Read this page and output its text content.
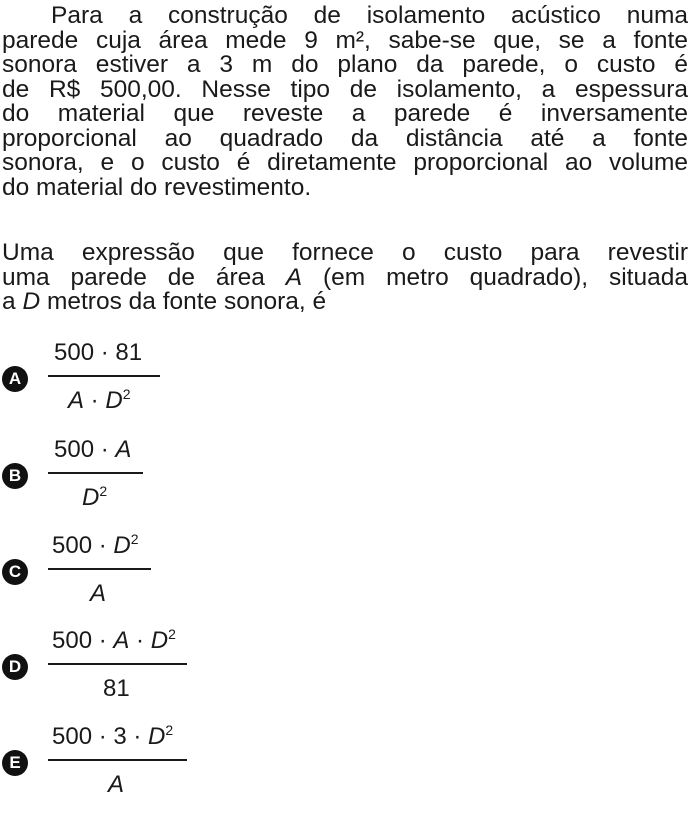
Para a construção de isolamento acústico numa
parede cuja área mede 9 m², sabe-se que, se a fonte
sonora estiver a 3 m do plano da parede, o custo é
de R$ 500,00. Nesse tipo de isolamento, a espessura
do material que reveste a parede é inversamente
proporcional ao quadrado da distância até a fonte
sonora, e o custo é diretamente proporcional ao volume
do material do revestimento.
Uma expressão que fornece o custo para revestir
uma parede de área A (em metro quadrado), situada
a D metros da fonte sonora, é
A
500 · 81
$A \cdot D^2$
B
500 · A
$D^2$
C
$500 \cdot D^2$
A
D
$500 \cdot A \cdot D^2$
81
E
$500 \cdot 3 \cdot D^2$
A
